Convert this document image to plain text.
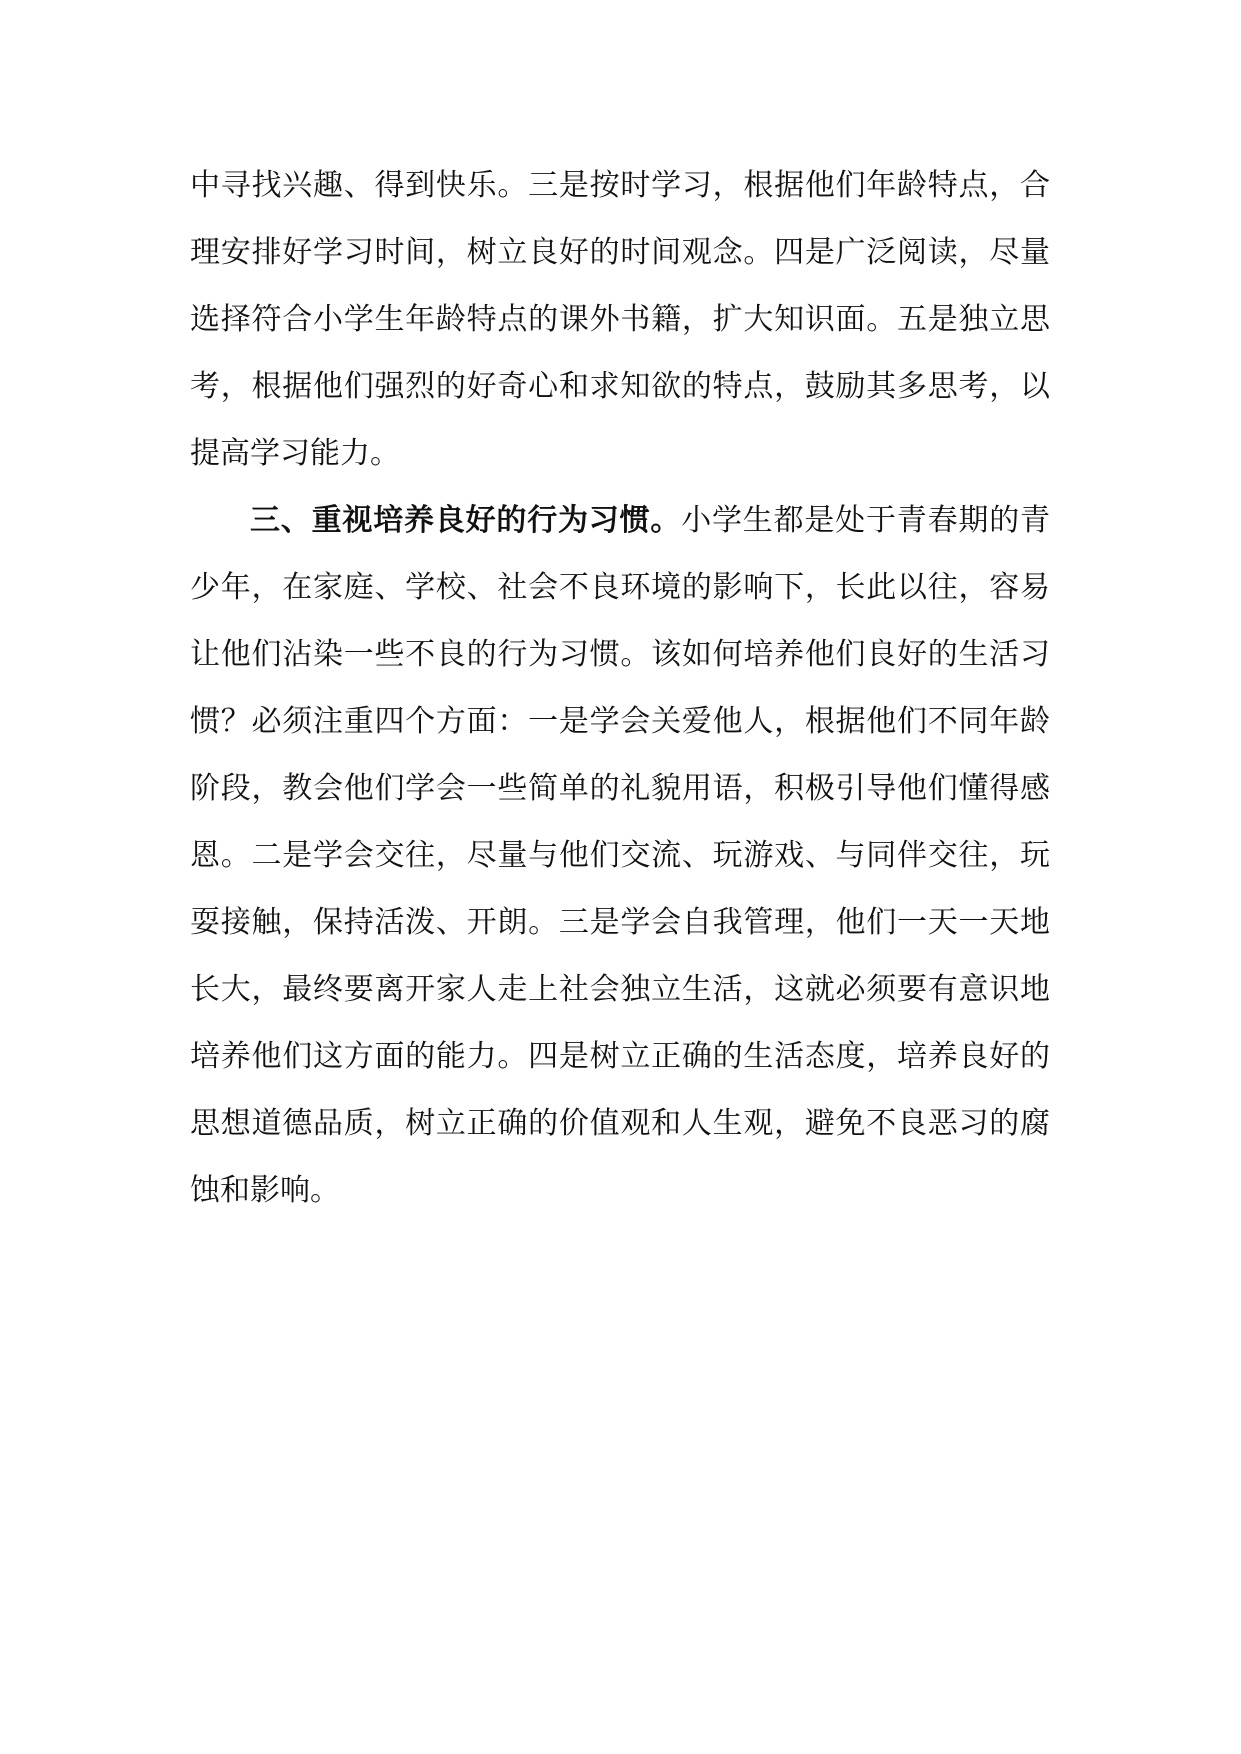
中寻找兴趣、得到快乐。三是按时学习，根据他们年龄特点，合
理安排好学习时间，树立良好的时间观念。四是广泛阅读，尽量
选择符合小学生年龄特点的课外书籍，扩大知识面。五是独立思
考，根据他们强烈的好奇心和求知欲的特点，鼓励其多思考，以
提高学习能力。
三、重视培养良好的行为习惯。小学生都是处于青春期的青
少年，在家庭、学校、社会不良环境的影响下，长此以往，容易
让他们沾染一些不良的行为习惯。该如何培养他们良好的生活习
惯？必须注重四个方面：一是学会关爱他人，根据他们不同年龄
阶段，教会他们学会一些简单的礼貌用语，积极引导他们懂得感
恩。二是学会交往，尽量与他们交流、玩游戏、与同伴交往，玩
耍接触，保持活泼、开朗。三是学会自我管理，他们一天一天地
长大，最终要离开家人走上社会独立生活，这就必须要有意识地
培养他们这方面的能力。四是树立正确的生活态度，培养良好的
思想道德品质，树立正确的价值观和人生观，避免不良恶习的腐
蚀和影响。
